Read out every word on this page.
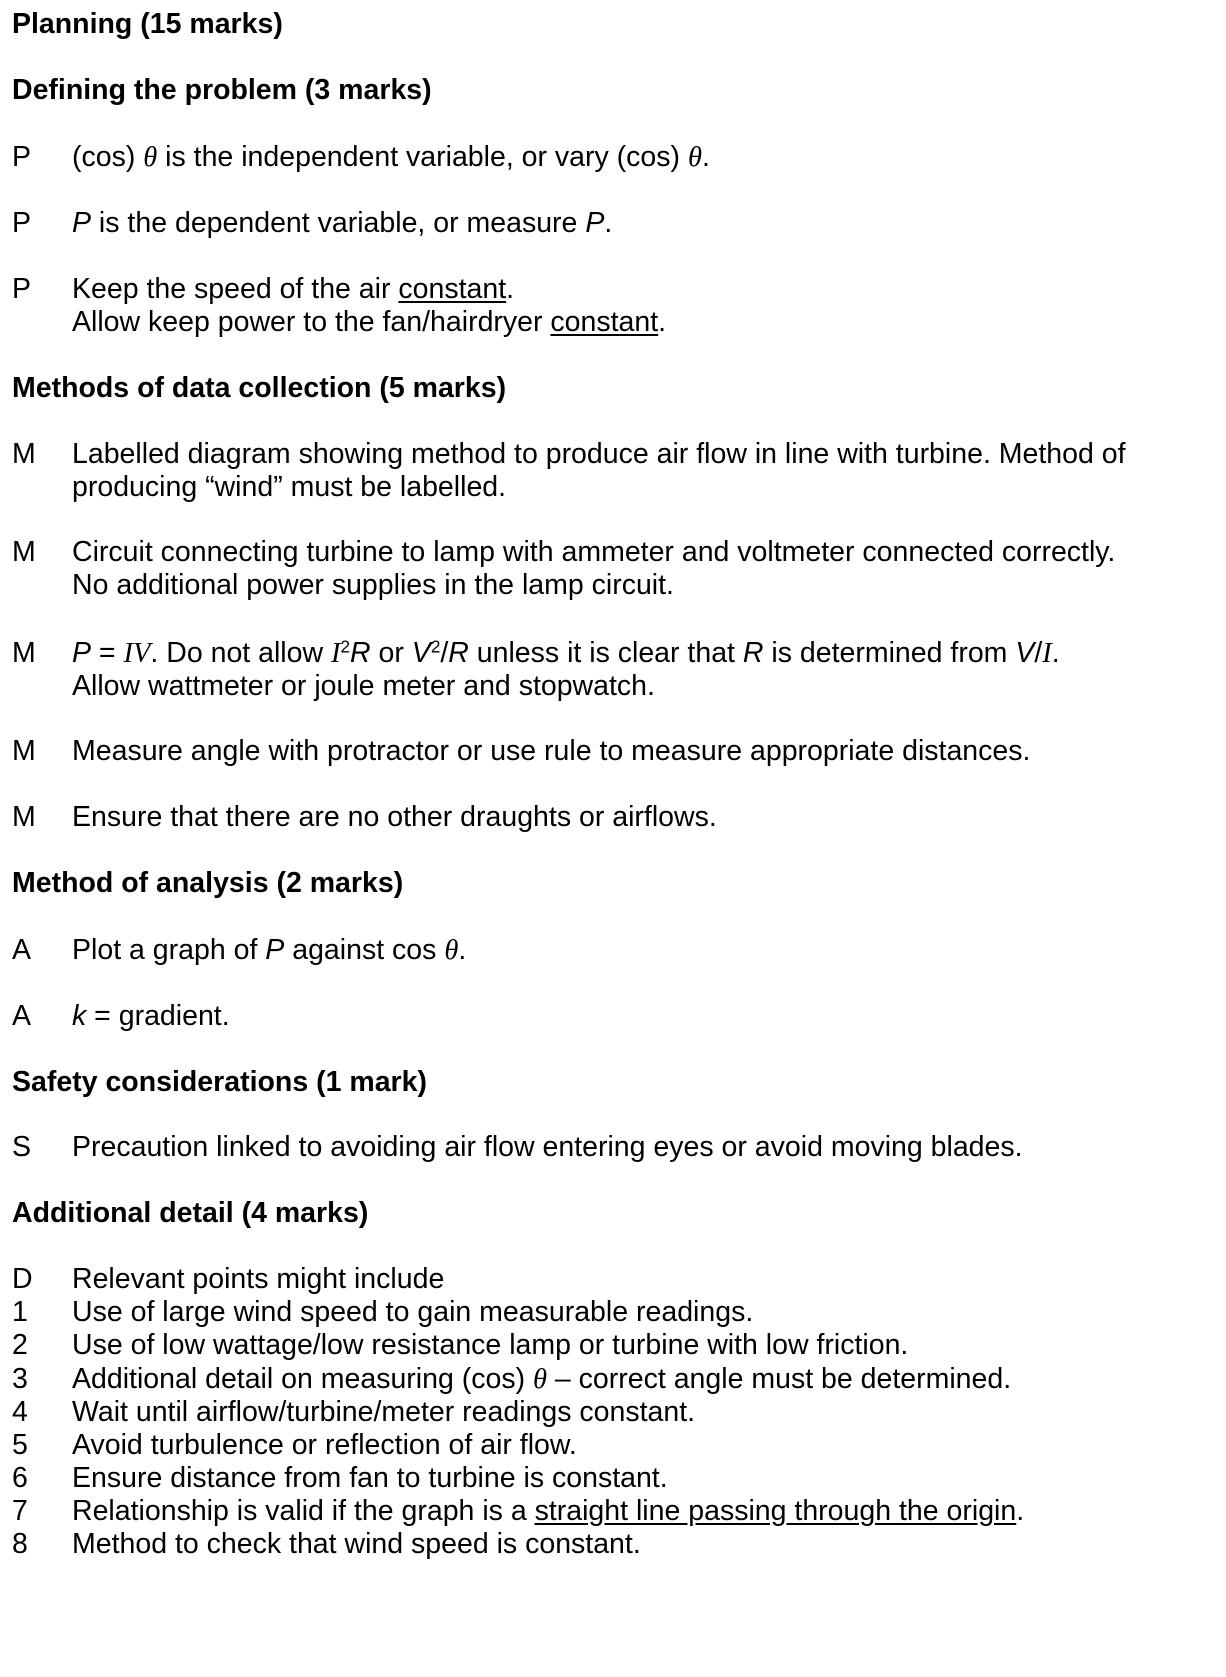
Planning (15 marks)
Defining the problem (3 marks)
P (cos) θ is the independent variable, or vary (cos) θ.
P P is the dependent variable, or measure P.
P Keep the speed of the air constant.
Allow keep power to the fan/hairdryer constant.
Methods of data collection (5 marks)
M Labelled diagram showing method to produce air flow in line with turbine. Method of
producing “wind” must be labelled.
M Circuit connecting turbine to lamp with ammeter and voltmeter connected correctly.
No additional power supplies in the lamp circuit.
M P = IV. Do not allow $I^2R$ or $V^2/R$ unless it is clear that R is determined from V/I.
Allow wattmeter or joule meter and stopwatch.
M Measure angle with protractor or use rule to measure appropriate distances.
M Ensure that there are no other draughts or airflows.
Method of analysis (2 marks)
A Plot a graph of P against cos θ.
A k = gradient.
Safety considerations (1 mark)
S Precaution linked to avoiding air flow entering eyes or avoid moving blades.
Additional detail (4 marks)
D Relevant points might include
1 Use of large wind speed to gain measurable readings.
2 Use of low wattage/low resistance lamp or turbine with low friction.
3 Additional detail on measuring (cos) θ – correct angle must be determined.
4 Wait until airflow/turbine/meter readings constant.
5 Avoid turbulence or reflection of air flow.
6 Ensure distance from fan to turbine is constant.
7 Relationship is valid if the graph is a straight line passing through the origin.
8 Method to check that wind speed is constant.
